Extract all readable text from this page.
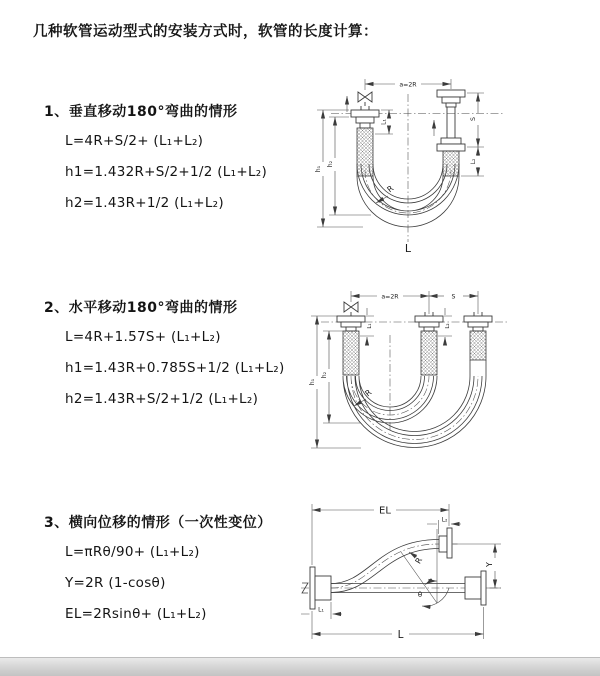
几种软管运动型式的安装方式时，软管的长度计算：
1、垂直移动180°弯曲的情形

L=4R+S/2+ (L₁+L₂)

h1=1.432R+S/2+1/2 (L₁+L₂)

h2=1.43R+1/2 (L₁+L₂)

2、水平移动180°弯曲的情形

L=4R+1.57S+ (L₁+L₂)

h1=1.43R+0.785S+1/2 (L₁+L₂)

h2=1.43R+S/2+1/2 (L₁+L₂)

3、横向位移的情形（一次性变位）

L=πRθ/90+ (L₁+L₂)

Y=2R (1-cosθ)

EL=2Rsinθ+ (L₁+L₂)

a=2R
L₁
S
L₂
h₁
h₂
R
L
a=2R	S
L₁	L₂
h₁
h₂
R
θ
EL
L₂
L₁
L
Y
R
